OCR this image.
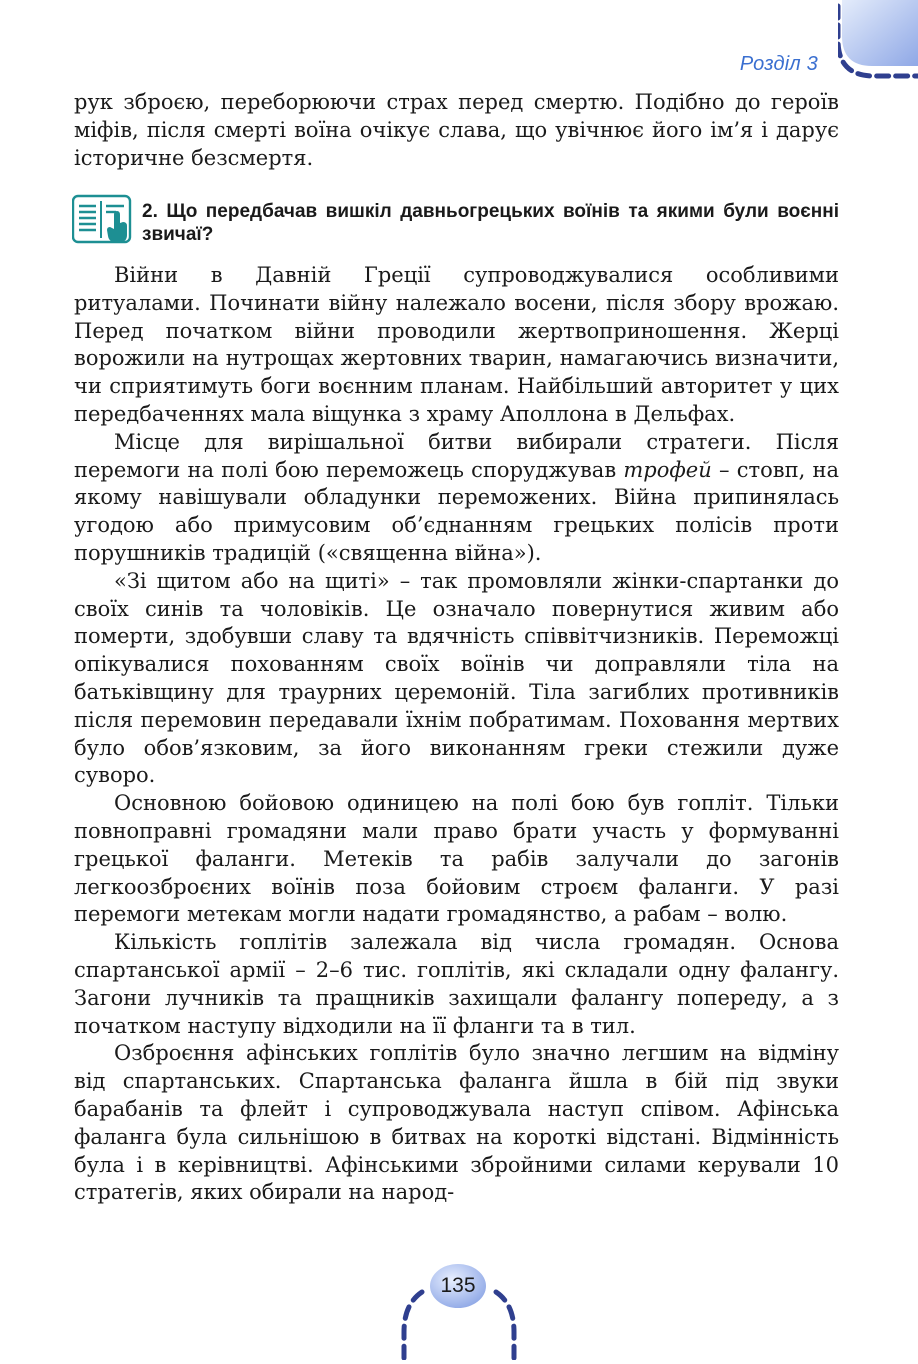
Розділ 3

рук зброєю, переборюючи страх перед смертю. Подібно до героїв міфів, після смерті воїна очікує слава, що увічнює його ім’я і дарує історичне безсмертя.

2. Що передбачав вишкіл давньогрецьких воїнів та якими були воєнні звичаї?

Війни в Давній Греції супроводжувалися особливими ритуалами. Починати війну належало восени, після збору врожаю. Перед початком війни проводили жертвоприношення. Жерці ворожили на нутрощах жертовних тварин, намагаючись визначити, чи сприятимуть боги воєнним планам. Найбільший авторитет у цих передбаченнях мала віщунка з храму Аполлона в Дельфах.

Місце для вирішальної битви вибирали стратеги. Після перемоги на полі бою переможець споруджував трофей – стовп, на якому навішували обладунки переможених. Війна припинялась угодою або примусовим об’єднанням грецьких полісів проти порушників традицій («священна війна»).

«Зі щитом або на щиті» – так промовляли жінки-спартанки до своїх синів та чоловіків. Це означало повернутися живим або померти, здобувши славу та вдячність співвітчизників. Переможці опікувалися похованням своїх воїнів чи доправляли тіла на батьківщину для траурних церемоній. Тіла загиблих противників після перемовин передавали їхнім побратимам. Поховання мертвих було обов’язковим, за його виконанням греки стежили дуже суворо.

Основною бойовою одиницею на полі бою був гопліт. Тільки повноправні громадяни мали право брати участь у формуванні грецької фаланги. Метеків та рабів залучали до загонів легкоозброєних воїнів поза бойовим строєм фаланги. У разі перемоги метекам могли надати громадянство, а рабам – волю.

Кількість гоплітів залежала від числа громадян. Основа спартанської армії – 2–6 тис. гоплітів, які складали одну фалангу. Загони лучників та пращників захищали фалангу попереду, а з початком наступу відходили на її фланги та в тил.

Озброєння афінських гоплітів було значно легшим на відміну від спартанських. Спартанська фаланга йшла в бій під звуки барабанів та флейт і супроводжувала наступ співом. Афінська фаланга була сильнішою в битвах на короткі відстані. Відмінність була і в керівництві. Афінськими збройними силами керували 10 стратегів, яких обирали на народ-

135
